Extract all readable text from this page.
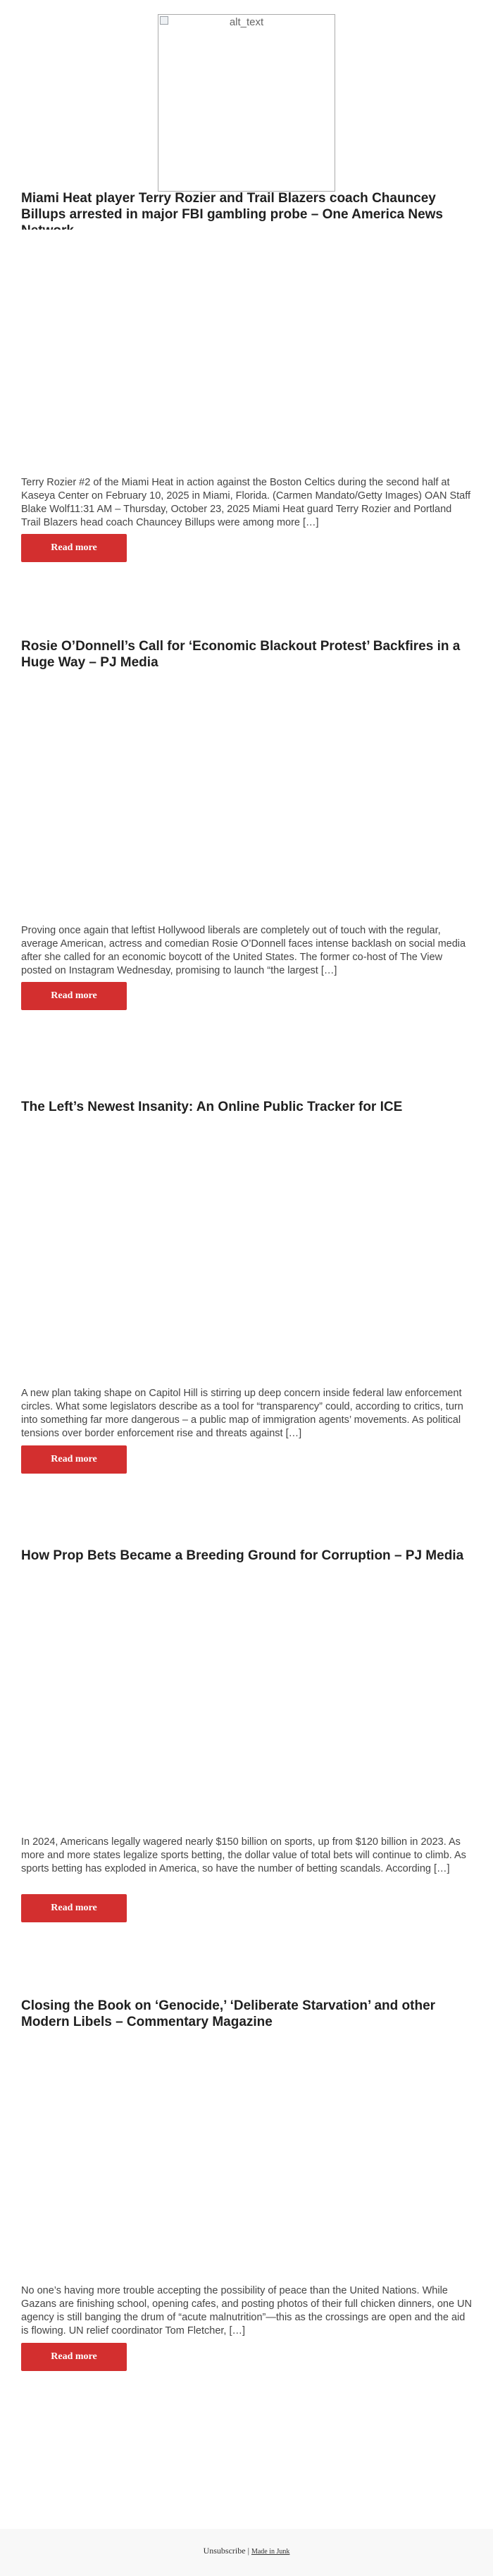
alt_text
Miami Heat player Terry Rozier and Trail Blazers coach Chauncey Billups arrested in major FBI gambling probe – One America News

Terry Rozier #2 of the Miami Heat in action against the Boston Celtics during the second half at Kaseya Center on February 10, 2025 in Miami, Florida. (Carmen Mandato/Getty Images) OAN Staff Blake Wolf11:31 AM – Thursday, October 23, 2025 Miami Heat guard Terry Rozier and Portland Trail Blazers head coach Chauncey Billups were among more […]

Read more
Rosie O’Donnell’s Call for ‘Economic Blackout Protest’ Backfires in a Huge Way – PJ Media

Proving once again that leftist Hollywood liberals are completely out of touch with the regular, average American, actress and comedian Rosie O’Donnell faces intense backlash on social media after she called for an economic boycott of the United States. The former co-host of The View posted on Instagram Wednesday, promising to launch “the largest […]

Read more
The Left’s Newest Insanity: An Online Public Tracker for ICE

A new plan taking shape on Capitol Hill is stirring up deep concern inside federal law enforcement circles. What some legislators describe as a tool for “transparency” could, according to critics, turn into something far more dangerous – a public map of immigration agents’ movements. As political tensions over border enforcement rise and threats against […]

Read more
How Prop Bets Became a Breeding Ground for Corruption – PJ Media

In 2024, Americans legally wagered nearly $150 billion on sports, up from $120 billion in 2023. As more and more states legalize sports betting, the dollar value of total bets will continue to climb. As sports betting has exploded in America, so have the number of betting scandals. According […]

Read more
Closing the Book on ‘Genocide,’ ‘Deliberate Starvation’ and other Modern Libels – Commentary Magazine

No one’s having more trouble accepting the possibility of peace than the United Nations. While Gazans are finishing school, opening cafes, and posting photos of their full chicken dinners, one UN agency is still banging the drum of “acute malnutrition”—this as the crossings are open and the aid is flowing. UN relief coordinator Tom Fletcher, […]

Read more
Unsubscribe | Made in Junk
